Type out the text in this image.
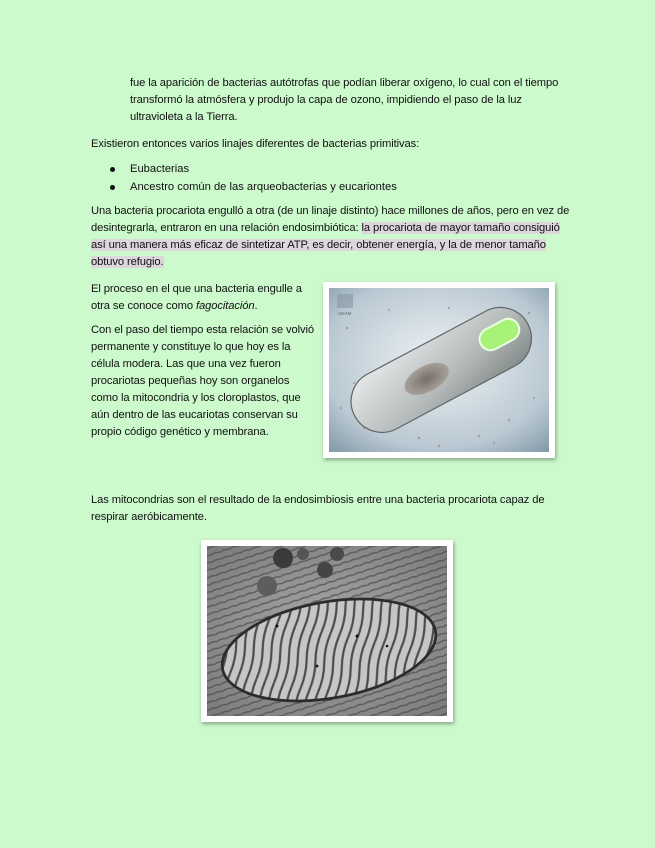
fue la aparición de bacterias autótrofas que podían liberar oxígeno, lo cual con el tiempo transformó la atmósfera y produjo la capa de ozono, impidiendo el paso de la luz ultravioleta a la Tierra.
Existieron entonces varios linajes diferentes de bacterias primitivas:
Eubacterias
Ancestro común de las arqueobacterias y eucariontes
Una bacteria procariota engulló a otra (de un linaje distinto) hace millones de años, pero en vez de desintegrarla, entraron en una relación endosimbiótica: la procariota de mayor tamaño consiguió así una manera más eficaz de sintetizar ATP, es decir, obtener energía, y la de menor tamaño obtuvo refugio.
El proceso en el que una bacteria engulle a otra se conoce como fagocitación.
Con el paso del tiempo esta relación se volvió permanente y constituye lo que hoy es la célula modera. Las que una vez fueron procariotas pequeñas hoy son organelos como la mitocondria y los cloroplastos, que aún dentro de las eucariotas conservan su propio código genético y membrana.
UNAM
Las mitocondrias son el resultado de la endosimbiosis entre una bacteria procariota capaz de respirar aeróbicamente.
